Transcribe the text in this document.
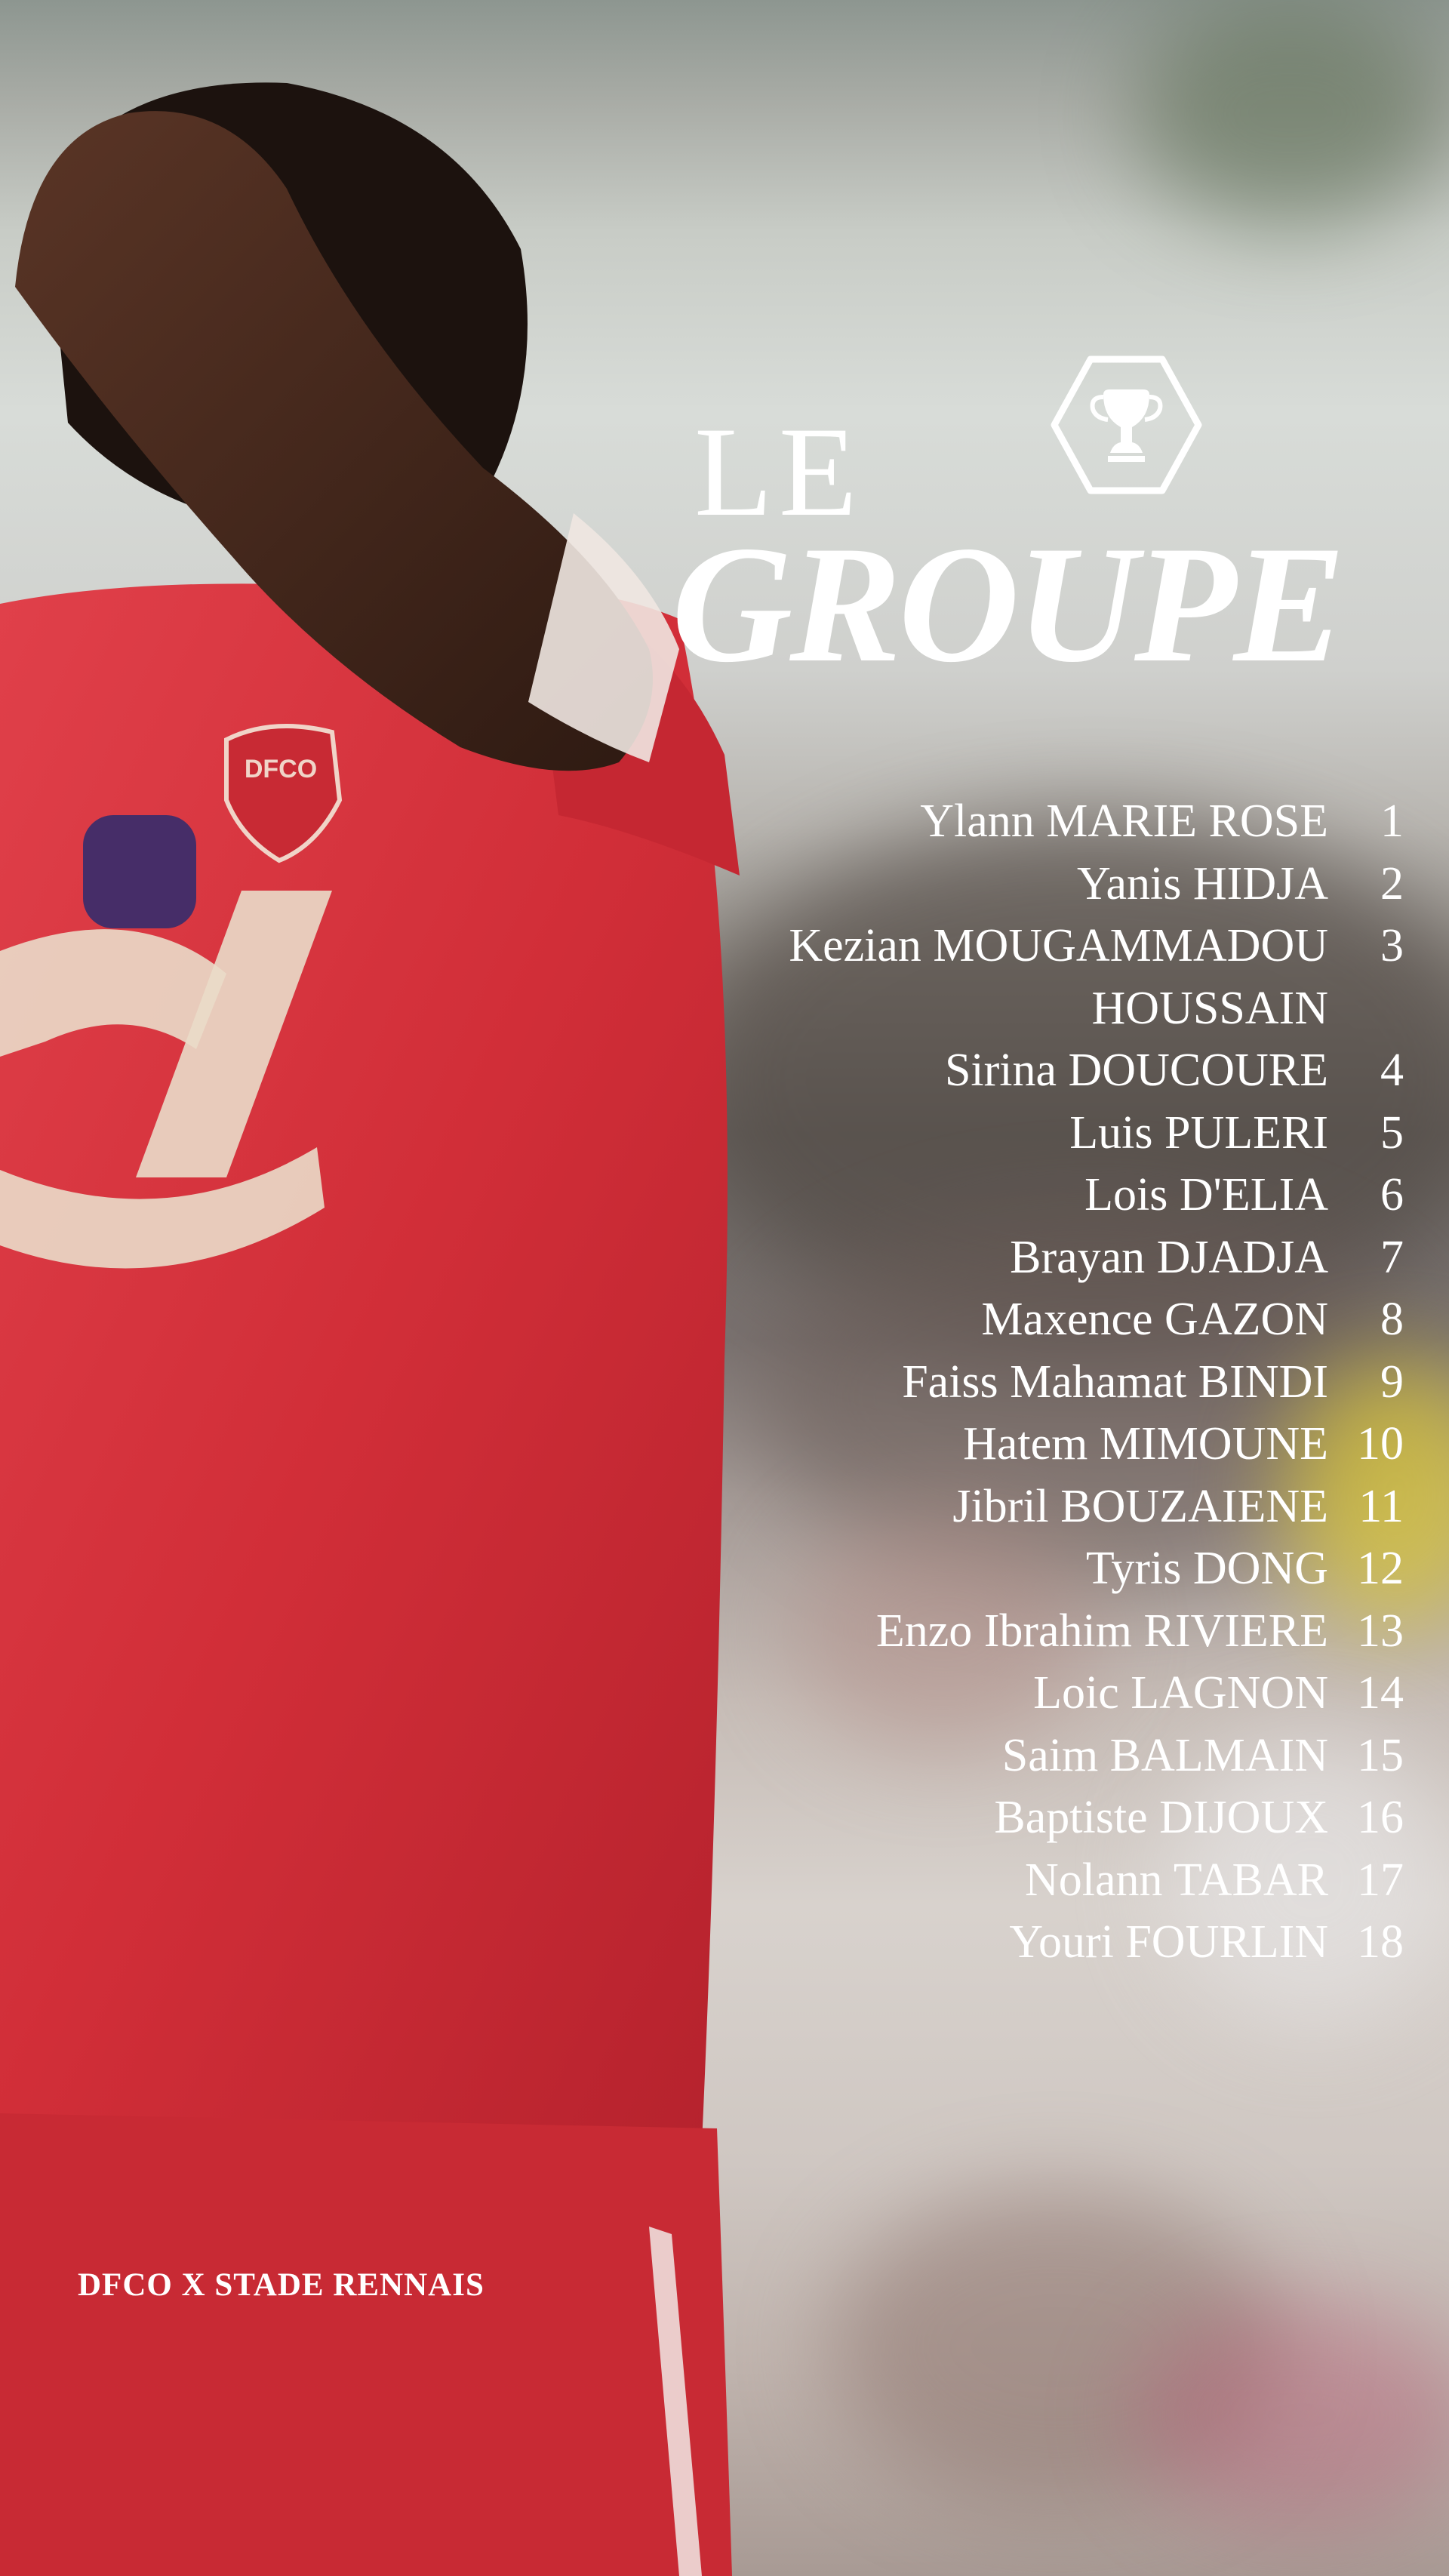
DFCO
LE
GROUPE
Ylann MARIE ROSE	1
Yanis HIDJA	2
Kezian MOUGAMMADOU
HOUSSAIN
3
Sirina DOUCOURE	4
Luis PULERI	5
Lois D'ELIA	6
Brayan DJADJA	7
Maxence GAZON	8
Faiss Mahamat BINDI	9
Hatem MIMOUNE 10
Jibril BOUZAIENE 11
Tyris DONG 12
Enzo Ibrahim RIVIERE 13
Loic LAGNON 14
Saim BALMAIN 15
Baptiste DIJOUX 16
Nolann TABAR 17
Youri FOURLIN 18
DFCO X STADE RENNAIS
